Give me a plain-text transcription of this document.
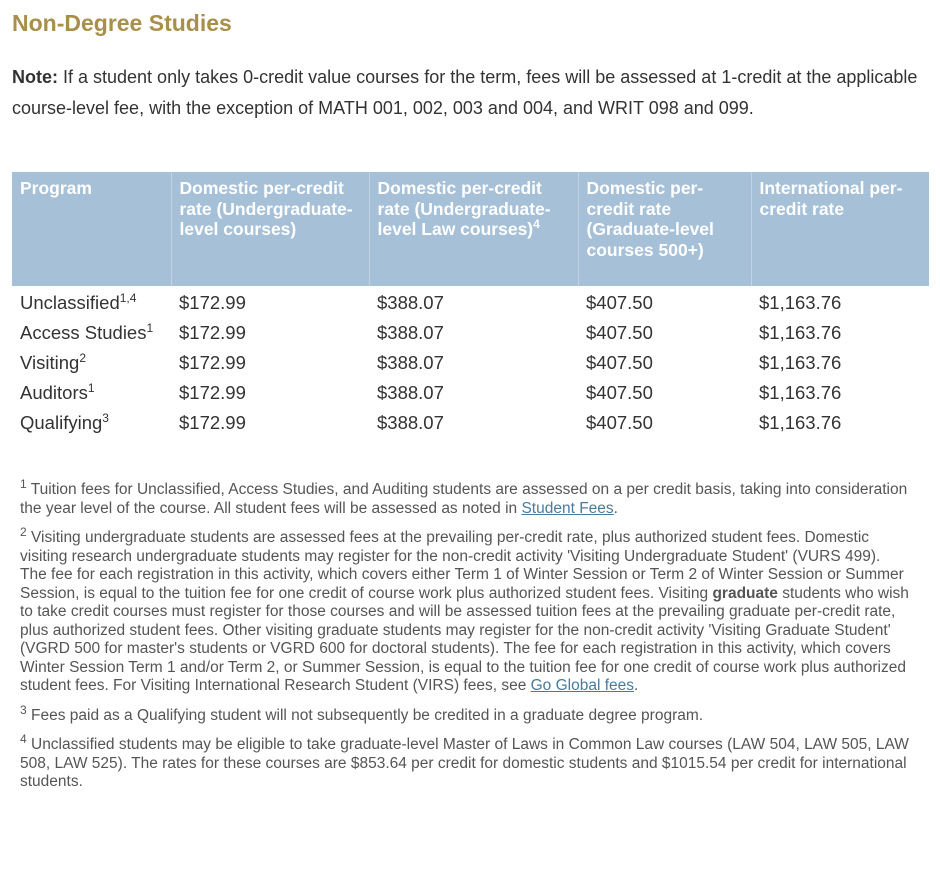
Non-Degree Studies

Note: If a student only takes 0-credit value courses for the term, fees will be assessed at 1-credit at the applicable course-level fee, with the exception of MATH 001, 002, 003 and 004, and WRIT 098 and 099.

Program	Domestic per-credit rate (Undergraduate-level courses)	Domestic per-credit rate (Undergraduate-level Law courses)$^4$	Domestic per-credit rate (Graduate-level courses 500+)	International per-credit rate
Unclassified$^{1,4}$	$172.99	$388.07	$407.50	$1,163.76
Access Studies$^1$	$172.99	$388.07	$407.50	$1,163.76
Visiting$^2$	$172.99	$388.07	$407.50	$1,163.76
Auditors$^1$	$172.99	$388.07	$407.50	$1,163.76
Qualifying$^3$	$172.99	$388.07	$407.50	$1,163.76

$^1$ Tuition fees for Unclassified, Access Studies, and Auditing students are assessed on a per credit basis, taking into consideration the year level of the course. All student fees will be assessed as noted in Student Fees.

$^2$ Visiting undergraduate students are assessed fees at the prevailing per-credit rate, plus authorized student fees. Domestic visiting research undergraduate students may register for the non-credit activity 'Visiting Undergraduate Student' (VURS 499). The fee for each registration in this activity, which covers either Term 1 of Winter Session or Term 2 of Winter Session or Summer Session, is equal to the tuition fee for one credit of course work plus authorized student fees. Visiting graduate students who wish to take credit courses must register for those courses and will be assessed tuition fees at the prevailing graduate per-credit rate, plus authorized student fees. Other visiting graduate students may register for the non-credit activity 'Visiting Graduate Student' (VGRD 500 for master's students or VGRD 600 for doctoral students). The fee for each registration in this activity, which covers Winter Session Term 1 and/or Term 2, or Summer Session, is equal to the tuition fee for one credit of course work plus authorized student fees. For Visiting International Research Student (VIRS) fees, see Go Global fees.

$^3$ Fees paid as a Qualifying student will not subsequently be credited in a graduate degree program.

$^4$ Unclassified students may be eligible to take graduate-level Master of Laws in Common Law courses (LAW 504, LAW 505, LAW 508, LAW 525). The rates for these courses are $853.64 per credit for domestic students and $1015.54 per credit for international students.
